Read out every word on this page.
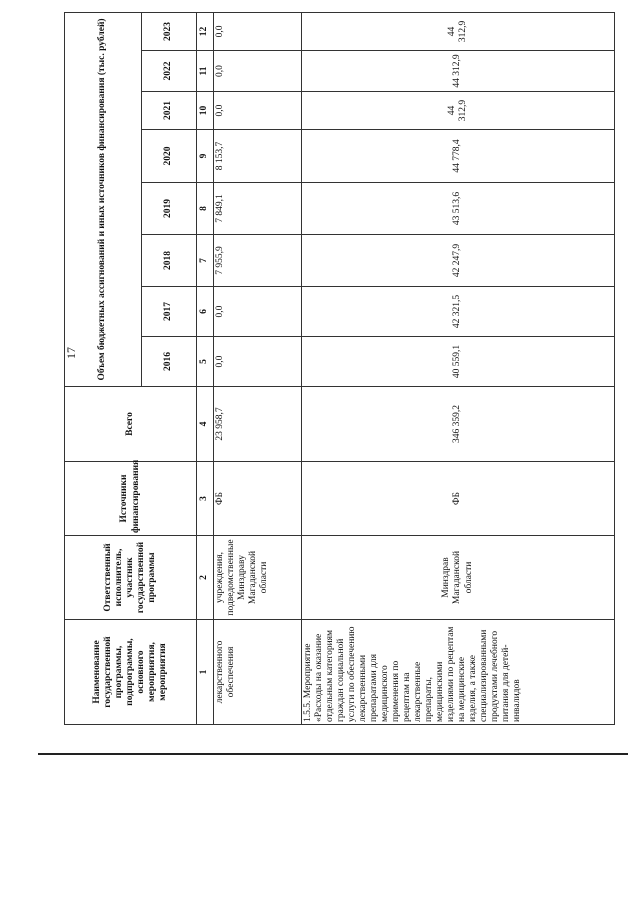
17
Наименование государственной программы, подпрограммы, основного мероприятия, мероприятия	Ответственный исполнитель, участник государственной программы	Источники финансирования	Всего	Объем бюджетных ассигнований и иных источников финансирования (тыс. рублей)							
				2016	2017	2018	2019	2020	2021	2022	2023
1	2	3	4	5	6	7	8	9	10	11	12
лекарственного обеспечения	учреждения, подведомственные Минздраву Магаданской области	ФБ	23 958,7	0,0	0,0	7 955,9	7 849,1	8 153,7	0,0	0,0	0,0
1.5.5. Мероприятие «Расходы на оказание отдельным категориям граждан социальной услуги по обеспечению лекарственными препаратами для медицинского применения по рецептам на лекарственные препараты, медицинскими изделиями по рецептам на медицинские изделия, а также специализированными продуктами лечебного питания для детей-инвалидов	Минздрав Магаданской области	ФБ	346 359,2	40 559,1	42 321,5	42 247,9	43 513,6	44 778,4	44 312,9	44 312,9	44 312,9
